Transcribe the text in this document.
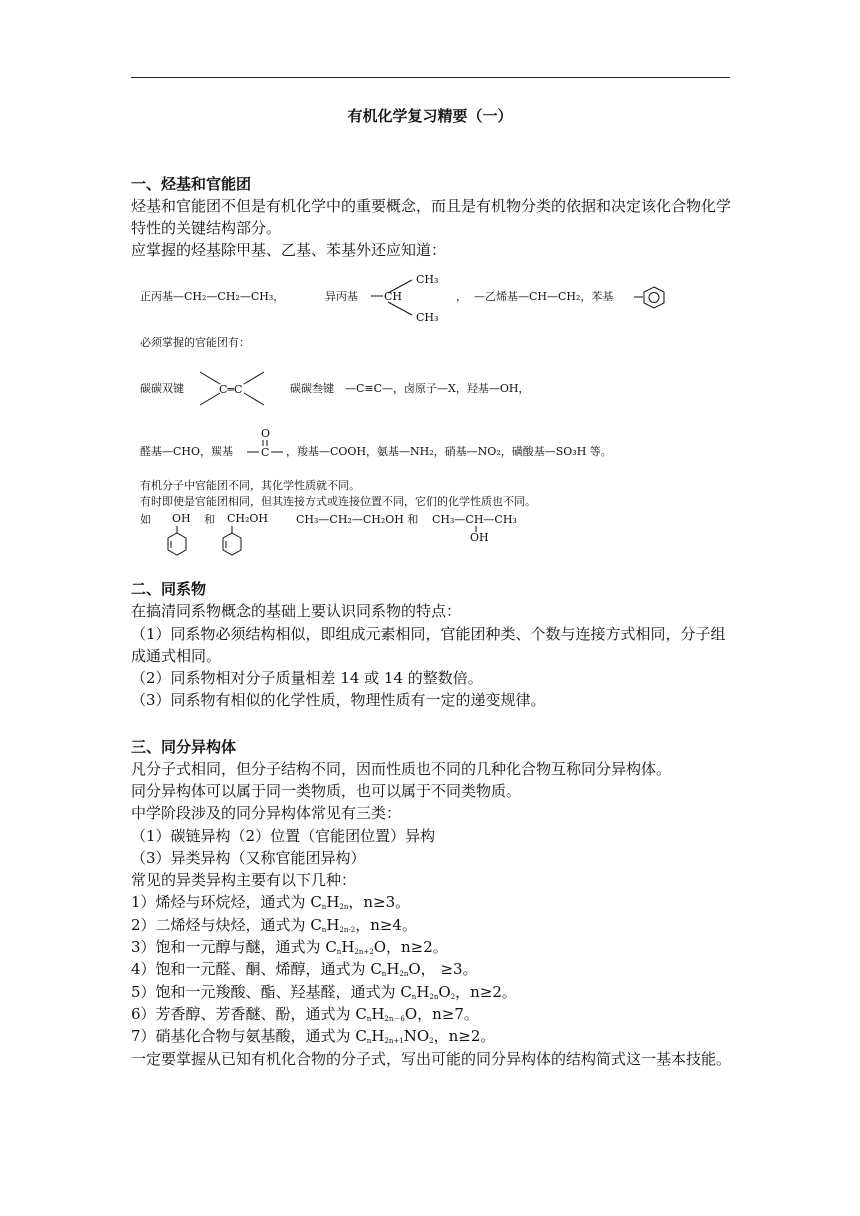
有机化学复习精要（一）
一、烃基和官能团
烃基和官能团不但是有机化学中的重要概念，而且是有机物分类的依据和决定该化合物化学特性的关键结构部分。
应掌握的烃基除甲基、乙基、苯基外还应知道：
正丙基—CH₂—CH₂—CH₃，	异丙基 CH
CH₃
CH₃
， —乙烯基—CH—CH₂，苯基
必须掌握的官能团有：
碳碳双键	C═C	碳碳叁键　—C≡C—，卤原子—X，羟基—OH，
醛基—CHO，羰基
O
C ，羧基—COOH，氨基—NH₂，硝基—NO₂，磺酸基—SO₃H 等。
有机分子中官能团不同，其化学性质就不同。
有时即使是官能团相同，但其连接方式或连接位置不同，它们的化学性质也不同。
如 OH 和 CH₂OH	CH₃—CH₂—CH₂OH 和 CH₃—CH—CH₃
OH
二、同系物
在搞清同系物概念的基础上要认识同系物的特点：
（1）同系物必须结构相似，即组成元素相同，官能团种类、个数与连接方式相同，分子组成通式相同。
（2）同系物相对分子质量相差 14 或 14 的整数倍。
（3）同系物有相似的化学性质，物理性质有一定的递变规律。
三、同分异构体
凡分子式相同，但分子结构不同，因而性质也不同的几种化合物互称同分异构体。
同分异构体可以属于同一类物质，也可以属于不同类物质。
中学阶段涉及的同分异构体常见有三类：
（1）碳链异构（2）位置（官能团位置）异构
（3）异类异构（又称官能团异构）
常见的异类异构主要有以下几种：
1）烯烃与环烷烃，通式为 $C_nH_{2n}$，n≥3。
2）二烯烃与炔烃，通式为 $C_nH_{2n-2}$，n≥4。
3）饱和一元醇与醚，通式为 $C_nH_{2n+2}O$，n≥2。
4）饱和一元醛、酮、烯醇，通式为 $C_nH_{2n}O$， ≥3。
5）饱和一元羧酸、酯、羟基醛，通式为 $C_nH_{2n}O_2$，n≥2。
6）芳香醇、芳香醚、酚，通式为 $C_nH_{2n-6}O$，n≥7。
7）硝基化合物与氨基酸，通式为 $C_nH_{2n+1}NO_2$，n≥2。
一定要掌握从已知有机化合物的分子式，写出可能的同分异构体的结构简式这一基本技能。
